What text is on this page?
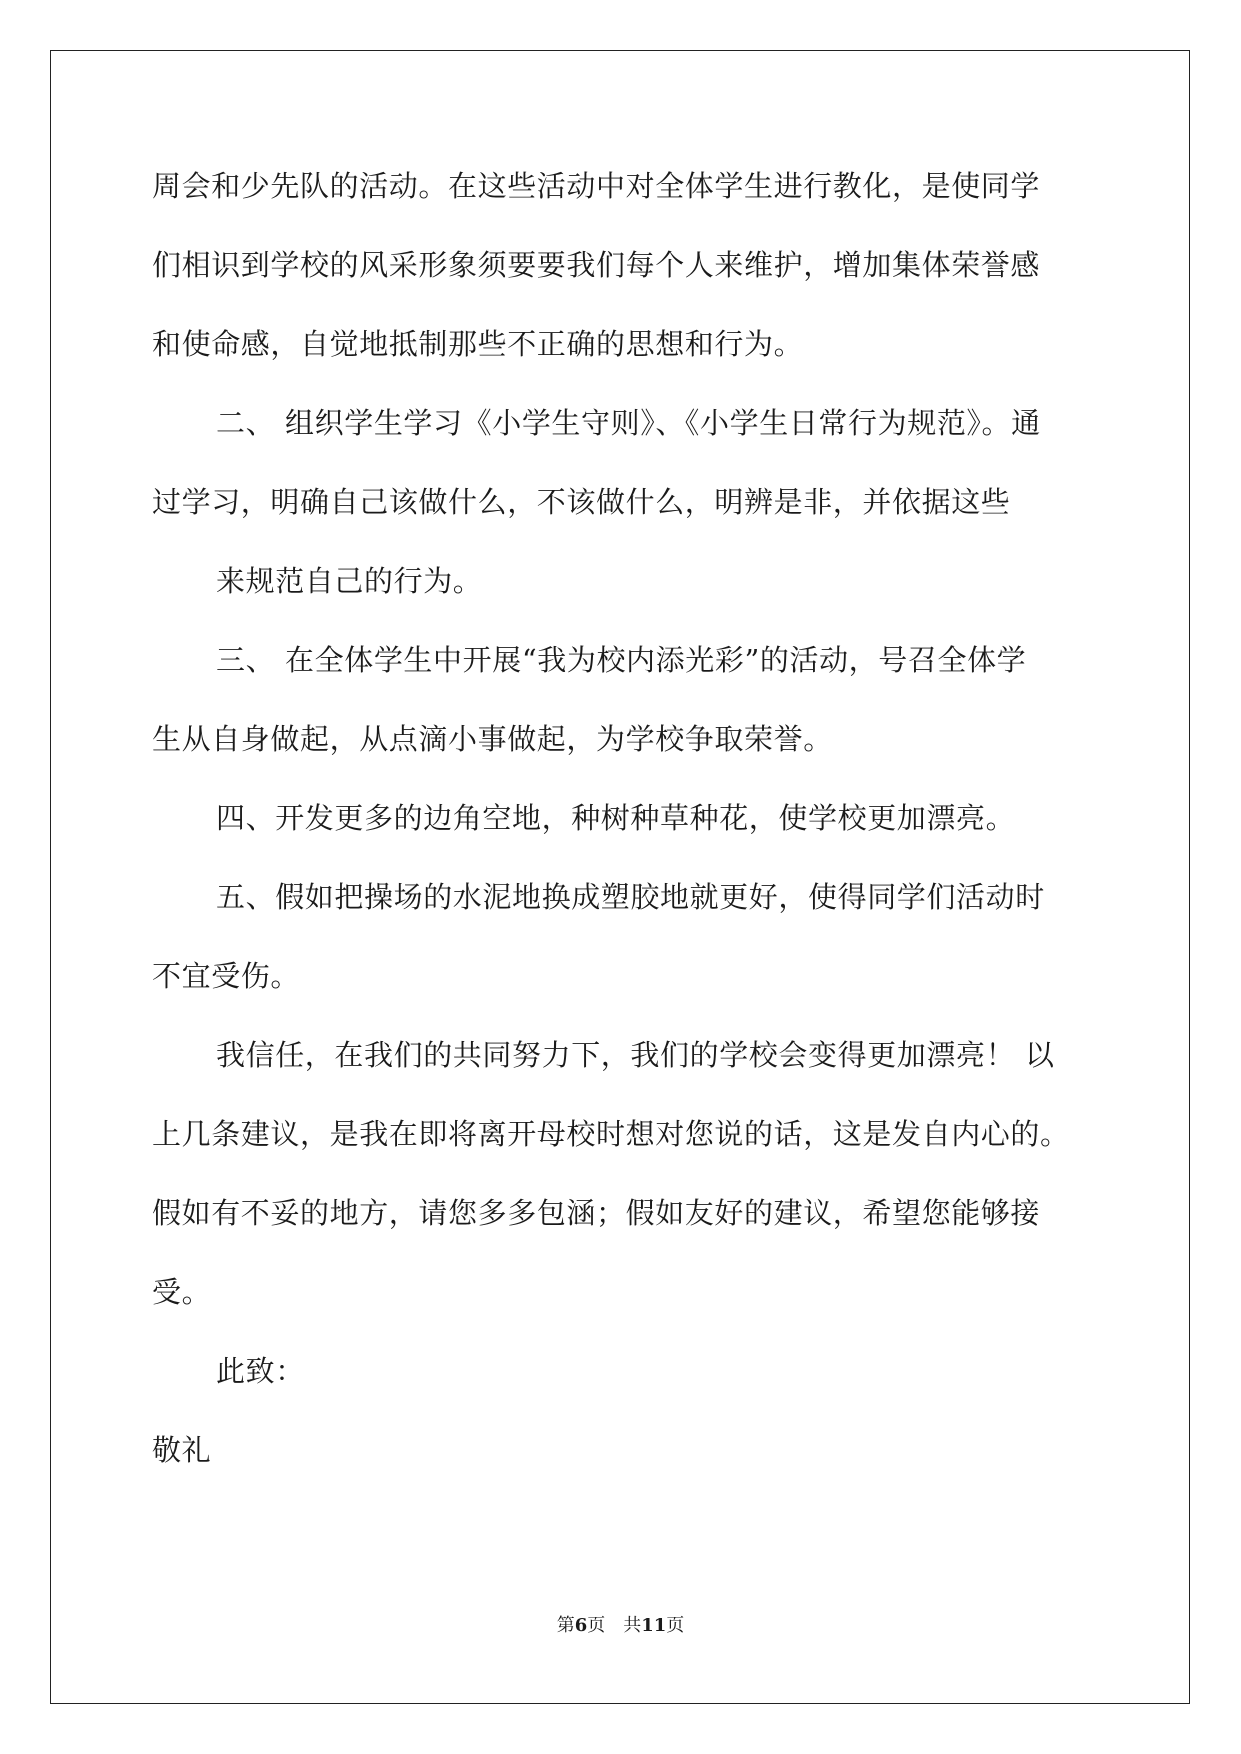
周会和少先队的活动。在这些活动中对全体学生进行教化，是使同学
们相识到学校的风采形象须要要我们每个人来维护，增加集体荣誉感
和使命感，自觉地抵制那些不正确的思想和行为。
二、 组织学生学习《小学生守则》、《小学生日常行为规范》。通
过学习，明确自己该做什么，不该做什么，明辨是非，并依据这些
来规范自己的行为。
三、 在全体学生中开展“我为校内添光彩”的活动，号召全体学
生从自身做起，从点滴小事做起，为学校争取荣誉。
四、开发更多的边角空地，种树种草种花，使学校更加漂亮。
五、假如把操场的水泥地换成塑胶地就更好，使得同学们活动时
不宜受伤。
我信任，在我们的共同努力下，我们的学校会变得更加漂亮！ 以
上几条建议，是我在即将离开母校时想对您说的话，这是发自内心的。
假如有不妥的地方，请您多多包涵；假如友好的建议，希望您能够接
受。
此致：
敬礼
第6页 共11页
